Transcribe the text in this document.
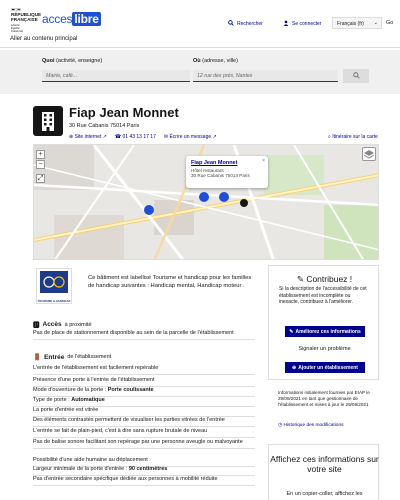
RÉPUBLIQUE
FRANÇAISE
Liberté
Égalité
Fraternité
acces libre	Rechercher	Se connecter	Français (fr) ⌄ Go
Aller au contenu principal
Quoi (activité, enseigne)
Mairie, café...
Où (adresse, ville)
12 rue des prés, Nantes
Fiap Jean Monnet
30 Rue Cabanis 75014 Paris
⊕ Site internet ↗ ☎ 01 43 13 17 17 ✉ Écrire un message ↗	⌕ Itinéraire sur la carte
+
−
⤢
Fiap Jean Monnet
Hôtel restaurant
30 Rue Cabanis 75014 Paris
×
TOURISME & HANDICAP
Ce bâtiment est labellisé Tourisme et handicap pour les familles de handicap suivantes : Handicap mental, Handicap moteur .
🅿 Accès à proximité
Pas de place de stationnement disponible au sein de la parcelle de l'établissement
🚪 Entrée de l'établissement
L'entrée de l'établissement est facilement repérable
Présence d'une porte à l'entrée de l'établissement
Mode d'ouverture de la porte : Porte coulissante
Type de porte : Automatique
La porte d'entrée est vitrée
Des éléments contrastés permettent de visualiser les parties vitrées de l'entrée
L'entrée se fait de plain-pied, c'est à dire sans rupture brutale de niveau
Pas de balise sonore facilitant son repérage par une personne aveugle ou malvoyante
Possibilité d'une aide humaine au déplacement
Largeur minimale de la porte d'entrée : 90 centimètres
Pas d'entrée secondaire spécifique dédiée aux personnes à mobilité réduite
✎ Contribuez !
Si la description de l'accessibilité de cet établissement est incomplète ou inexacte, contribuez à l'améliorer.
✎ Améliorez ces informations
Signaler un problème
⊕ Ajouter un établissement
Informations initialement fournies par EIAP le 29/09/2021 en tant que gestionnaire de l'établissement et mises à jour le 29/09/2021
◷ Historique des modifications
Affichez ces informations sur votre site
En un copier-coller, affichez les
